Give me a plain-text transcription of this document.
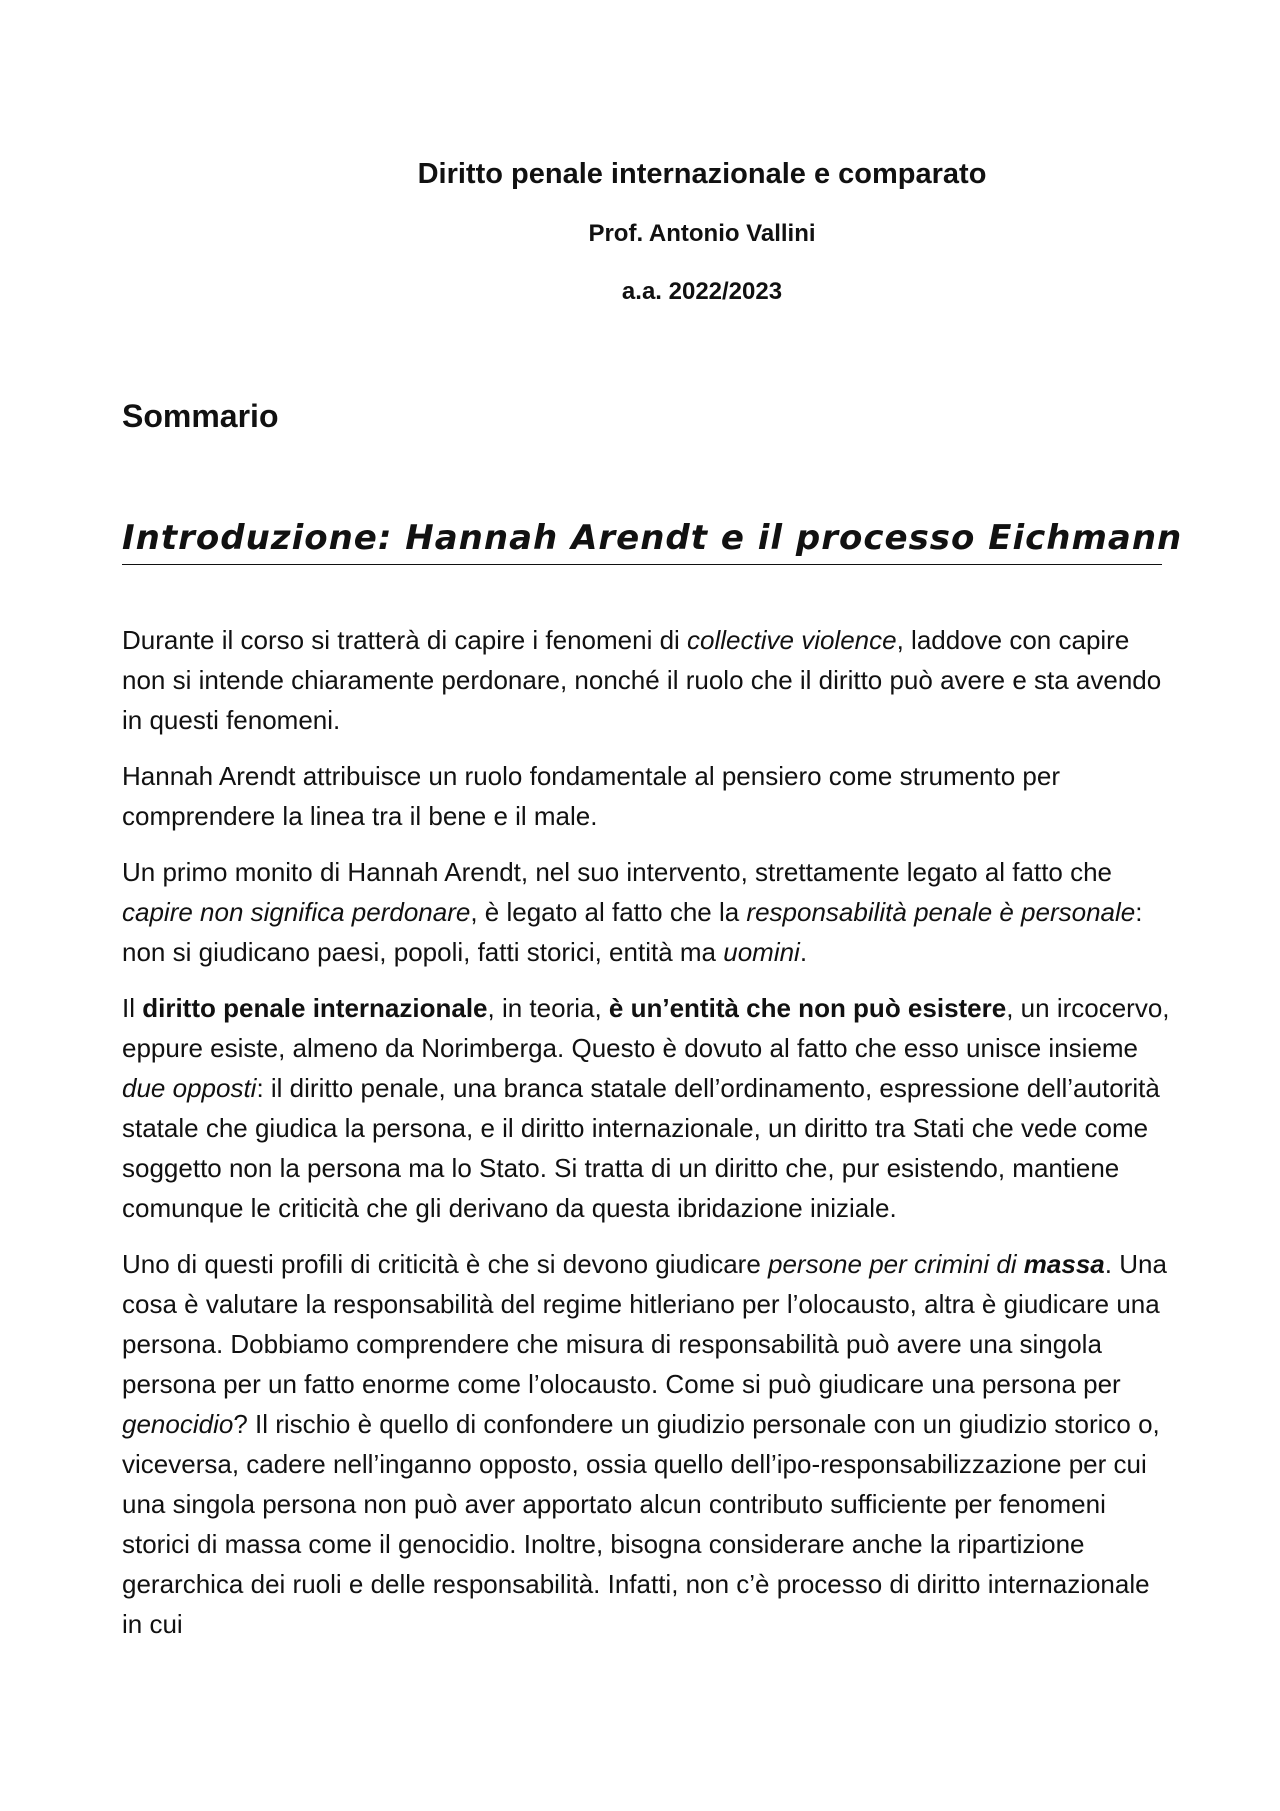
Diritto penale internazionale e comparato
Prof. Antonio Vallini
a.a. 2022/2023
Sommario
Introduzione: Hannah Arendt e il processo Eichmann

Durante il corso si tratterà di capire i fenomeni di collective violence, laddove con capire non si intende chiaramente perdonare, nonché il ruolo che il diritto può avere e sta avendo in questi fenomeni.

Hannah Arendt attribuisce un ruolo fondamentale al pensiero come strumento per comprendere la linea tra il bene e il male.

Un primo monito di Hannah Arendt, nel suo intervento, strettamente legato al fatto che capire non significa perdonare, è legato al fatto che la responsabilità penale è personale: non si giudicano paesi, popoli, fatti storici, entità ma uomini.

Il diritto penale internazionale, in teoria, è un’entità che non può esistere, un ircocervo, eppure esiste, almeno da Norimberga. Questo è dovuto al fatto che esso unisce insieme due opposti: il diritto penale, una branca statale dell’ordinamento, espressione dell’autorità statale che giudica la persona, e il diritto internazionale, un diritto tra Stati che vede come soggetto non la persona ma lo Stato. Si tratta di un diritto che, pur esistendo, mantiene comunque le criticità che gli derivano da questa ibridazione iniziale.

Uno di questi profili di criticità è che si devono giudicare persone per crimini di massa. Una cosa è valutare la responsabilità del regime hitleriano per l’olocausto, altra è giudicare una persona. Dobbiamo comprendere che misura di responsabilità può avere una singola persona per un fatto enorme come l’olocausto. Come si può giudicare una persona per genocidio? Il rischio è quello di confondere un giudizio personale con un giudizio storico o, viceversa, cadere nell’inganno opposto, ossia quello dell’ipo-responsabilizzazione per cui una singola persona non può aver apportato alcun contributo sufficiente per fenomeni storici di massa come il genocidio. Inoltre, bisogna considerare anche la ripartizione gerarchica dei ruoli e delle responsabilità. Infatti, non c’è processo di diritto internazionale in cui
